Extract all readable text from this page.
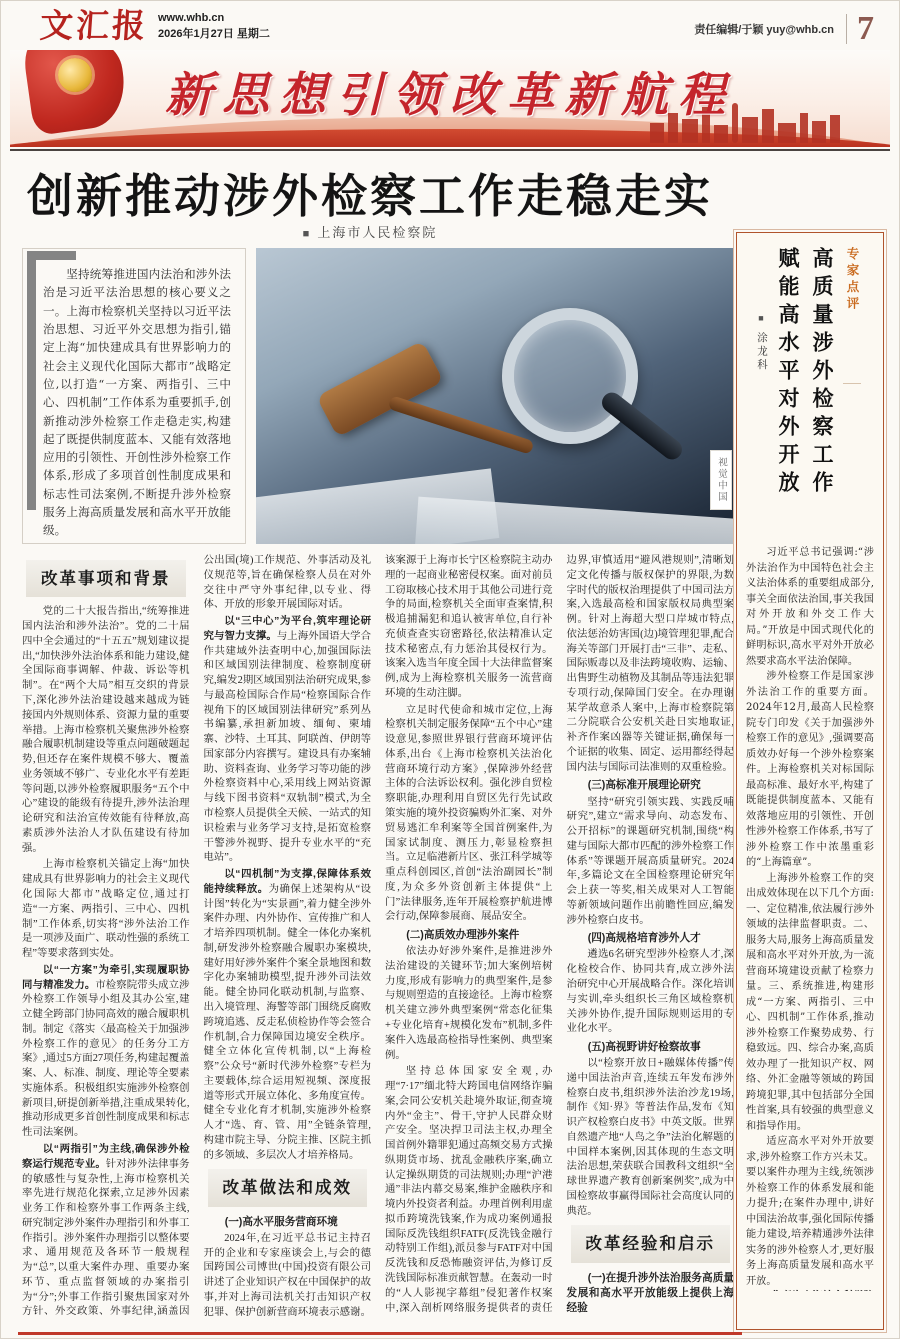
文汇报 www.whb.cn
2026年1月27日 星期二	责任编辑/于颖 yuy@whb.cn 7
新思想引领改革新航程
创新推动涉外检察工作走稳走实
■ 上海市人民检察院
坚持统筹推进国内法治和涉外法治是习近平法治思想的核心要义之一。上海市检察机关坚持以习近平法治思想、习近平外交思想为指引,锚定上海“加快建成具有世界影响力的社会主义现代化国际大都市”战略定位,以打造“一方案、两指引、三中心、四机制”工作体系为重要抓手,创新推动涉外检察工作走稳走实,构建起了既提供制度蓝本、又能有效落地应用的引领性、开创性涉外检察工作体系,形成了多项首创性制度成果和标志性司法案例,不断提升涉外检察服务上海高质量发展和高水平开放能级。
视觉中国
改革事项和背景

党的二十大报告指出,“统筹推进国内法治和涉外法治”。党的二十届四中全会通过的“十五五”规划建议提出,“加快涉外法治体系和能力建设,健全国际商事调解、仲裁、诉讼等机制”。在“两个大局”相互交织的背景下,深化涉外法治建设越来越成为链接国内外规则体系、资源力量的重要举措。上海市检察机关聚焦涉外检察融合履职机制建设等重点问题破题起势,但还存在案件规模不够大、覆盖业务领域不够广、专业化水平有差距等问题,以涉外检察履职服务“五个中心”建设的能级有待提升,涉外法治理论研究和法治宣传效能有待释放,高素质涉外法治人才队伍建设有待加强。

上海市检察机关锚定上海“加快建成具有世界影响力的社会主义现代化国际大都市”战略定位,通过打造“一方案、两指引、三中心、四机制”工作体系,切实将“涉外法治工作是一项涉及面广、联动性强的系统工程”等要求落到实处。

以“一方案”为牵引,实现履职协同与精准发力。市检察院带头成立涉外检察工作领导小组及其办公室,建立健全跨部门协同高效的融合履职机制。制定《落实〈最高检关于加强涉外检察工作的意见〉的任务分工方案》,通过5方面27项任务,构建起覆盖案、人、标准、制度、理论等全要素实施体系。积极组织实施涉外检察创新项目,研提创新举措,注重成果转化,推动形成更多首创性制度成果和标志性司法案例。

以“两指引”为主线,确保涉外检察运行规范专业。针对涉外法律事务的敏感性与复杂性,上海市检察机关率先进行规范化探索,立足涉外因素业务工作和检察外事工作两条主线,研究制定涉外案件办理指引和外事工作指引。涉外案件办理指引以整体要求、通用规范及各环节一般规程为“总”,以重大案件办理、重要办案环节、重点监督领域的办案指引为“分”;外事工作指引聚焦国家对外方针、外交政策、外事纪律,涵盖因公出国(境)工作规范、外事活动及礼仪规范等,旨在确保检察人员在对外交往中严守外事纪律,以专业、得体、开放的形象开展国际对话。

以“三中心”为平台,筑牢理论研究与智力支撑。与上海外国语大学合作共建域外法查明中心,加强国际法和区域国别法律制度、检察制度研究,编发2期区域国别法治研究成果,参与最高检国际合作局“检察国际合作视角下的区域国别法律研究”系列丛书编纂,承担新加坡、缅甸、柬埔寨、沙特、土耳其、阿联酋、伊朗等国家部分内容撰写。建设具有办案辅助、资料查询、业务学习等功能的涉外检察资料中心,采用线上网站资源与线下图书资料“双轨制”模式,为全市检察人员提供全天候、一站式的知识检索与业务学习支持,是拓宽检察干警涉外视野、提升专业水平的“充电站”。

以“四机制”为支撑,保障体系效能持续释放。为确保上述架构从“设计图”转化为“实景画”,着力健全涉外案件办理、内外协作、宣传推广和人才培养四项机制。健全一体化办案机制,研发涉外检察融合履职办案模块,建好用好涉外案件个案全景地图和数字化办案辅助模型,提升涉外司法效能。健全协同化联动机制,与监察、出入境管理、海警等部门围绕反腐败跨境追逃、反走私侦检协作等会签合作机制,合力保障国边境安全秩序。健全立体化宣传机制,以“上海检察”公众号“新时代涉外检察”专栏为主要载体,综合运用短视频、深度报道等形式开展立体化、多角度宣传。健全专业化育才机制,实施涉外检察人才“选、育、管、用”全链条管理,构建市院主导、分院主推、区院主抓的多领域、多层次人才培养格局。

改革做法和成效

(一)高水平服务营商环境

2024年,在习近平总书记主持召开的企业和专家座谈会上,与会的德国跨国公司博世(中国)投资有限公司讲述了企业知识产权在中国保护的故事,并对上海司法机关打击知识产权犯罪、保护创新营商环境表示感谢。该案源于上海市长宁区检察院主动办理的一起商业秘密侵权案。面对前员工窃取核心技术用于其他公司进行竞争的局面,检察机关全面审查案情,积极追捕漏犯和追认被害单位,自行补充侦查查实窃密路径,依法精准认定技术秘密点,有力惩治其侵权行为。该案入选当年度全国十大法律监督案例,成为上海检察机关服务一流营商环境的生动注脚。

立足时代使命和城市定位,上海检察机关制定服务保障“五个中心”建设意见,参照世界银行营商环境评估体系,出台《上海市检察机关法治化营商环境行动方案》,保障涉外经营主体的合法诉讼权利。强化涉自贸检察职能,办理利用自贸区先行先试政策实施的境外投资骗购外汇案、对外贸易逃汇牟利案等全国首例案件,为国家试制度、测压力,彰显检察担当。立足临港新片区、张江科学城等重点科创园区,首创“法治副园长”制度,为众多外资创新主体提供“上门”法律服务,连年开展检察护航进博会行动,保障参展商、展品安全。

(二)高质效办理涉外案件

依法办好涉外案件,是推进涉外法治建设的关键环节;加大案例培树力度,形成有影响力的典型案件,是参与规则塑造的直接途径。上海市检察机关建立涉外典型案例“常态化征集+专业化培育+规模化发布”机制,多件案件入选最高检指导性案例、典型案例。

坚持总体国家安全观,办理“7·17”缅北特大跨国电信网络诈骗案,会同公安机关赴境外取证,彻查境内外“金主”、骨干,守护人民群众财产安全。坚决捍卫司法主权,办理全国首例外籍罪犯通过高频交易方式操纵期货市场、扰乱金融秩序案,确立认定操纵期货的司法规则;办理“沪港通”非法内幕交易案,维护金融秩序和境内外投资者利益。办理首例利用虚拟币跨境洗钱案,作为成功案例通报国际反洗钱组织FATF(反洗钱金融行动特别工作组),派员参与FATF对中国反洗钱和反恐怖融资评估,为修订反洗钱国际标准贡献智慧。在轰动一时的“人人影视字幕组”侵犯著作权案中,深入剖析网络服务提供者的责任边界,审慎适用“避风港规则”,清晰划定文化传播与版权保护的界限,为数字时代的版权治理提供了中国司法方案,入选最高检和国家版权局典型案例。针对上海超大型口岸城市特点,依法惩治妨害国(边)境管理犯罪,配合海关等部门开展打击“三非”、走私、国际贩毒以及非法跨境收购、运输、出售野生动植物及其制品等违法犯罪专项行动,保障国门安全。在办理谢某学故意杀人案中,上海市检察院第二分院联合公安机关赴日实地取证,补齐作案凶器等关键证据,确保每一个证据的收集、固定、运用都经得起国内法与国际司法准则的双重检验。

(三)高标准开展理论研究

坚持“研究引领实践、实践反哺研究”,建立“需求导向、动态发布、公开招标”的课题研究机制,围绕“构建与国际大都市匹配的涉外检察工作体系”等课题开展高质量研究。2024年,多篇论文在全国检察理论研究年会上获一等奖,相关成果对人工智能等新领域问题作出前瞻性回应,编发涉外检察白皮书。

(四)高规格培育涉外人才

遴选6名研究型涉外检察人才,深化检校合作、协同共育,成立涉外法治研究中心开展战略合作。深化培训与实训,牵头组织长三角区域检察机关涉外协作,提升国际规则运用的专业化水平。

(五)高视野讲好检察故事

以“检察开放日+融媒体传播”传递中国法治声音,连续五年发布涉外检察白皮书,组织涉外法治沙龙19场,制作《知·界》等普法作品,发布《知识产权检察白皮书》中英文版。世界自然遗产地“人鸟之争”法治化解题的中国样本案例,因其体现的生态文明法治思想,荣获联合国教科文组织“全球世界遗产教育创新案例奖”,成为中国检察故事赢得国际社会高度认同的典范。

改革经验和启示

(一)在提升涉外法治服务高质量发展和高水平开放能级上提供上海经验

专家点评
高质量涉外检察工作
赋能高水平对外开放
■ 涂龙科

习近平总书记强调:“涉外法治作为中国特色社会主义法治体系的重要组成部分,事关全面依法治国,事关我国对外开放和外交工作大局。”开放是中国式现代化的鲜明标识,高水平对外开放必然要求高水平法治保障。

涉外检察工作是国家涉外法治工作的重要方面。2024年12月,最高人民检察院专门印发《关于加强涉外检察工作的意见》,强调要高质效办好每一个涉外检察案件。上海检察机关对标国际最高标准、最好水平,构建了既能提供制度蓝本、又能有效落地应用的引领性、开创性涉外检察工作体系,书写了涉外检察工作中浓墨重彩的“上海篇章”。

上海涉外检察工作的突出成效体现在以下几个方面:一、定位精准,依法履行涉外领域的法律监督职责。二、服务大局,服务上海高质量发展和高水平对外开放,为一流营商环境建设贡献了检察力量。三、系统推进,构建形成“一方案、两指引、三中心、四机制”工作体系,推动涉外检察工作聚势成势、行稳致远。四、综合办案,高质效办理了一批知识产权、网络、外汇金融等领域的跨国跨境犯罪,其中包括部分全国性首案,具有较强的典型意义和指导作用。

适应高水平对外开放要求,涉外检察工作方兴未艾。要以案件办理为主线,统领涉外检察工作的体系发展和能力提升;在案件办理中,讲好中国法治故事,强化国际传播能力建设,培养精通涉外法律实务的涉外检察人才,更好服务上海高质量发展和高水平开放。
